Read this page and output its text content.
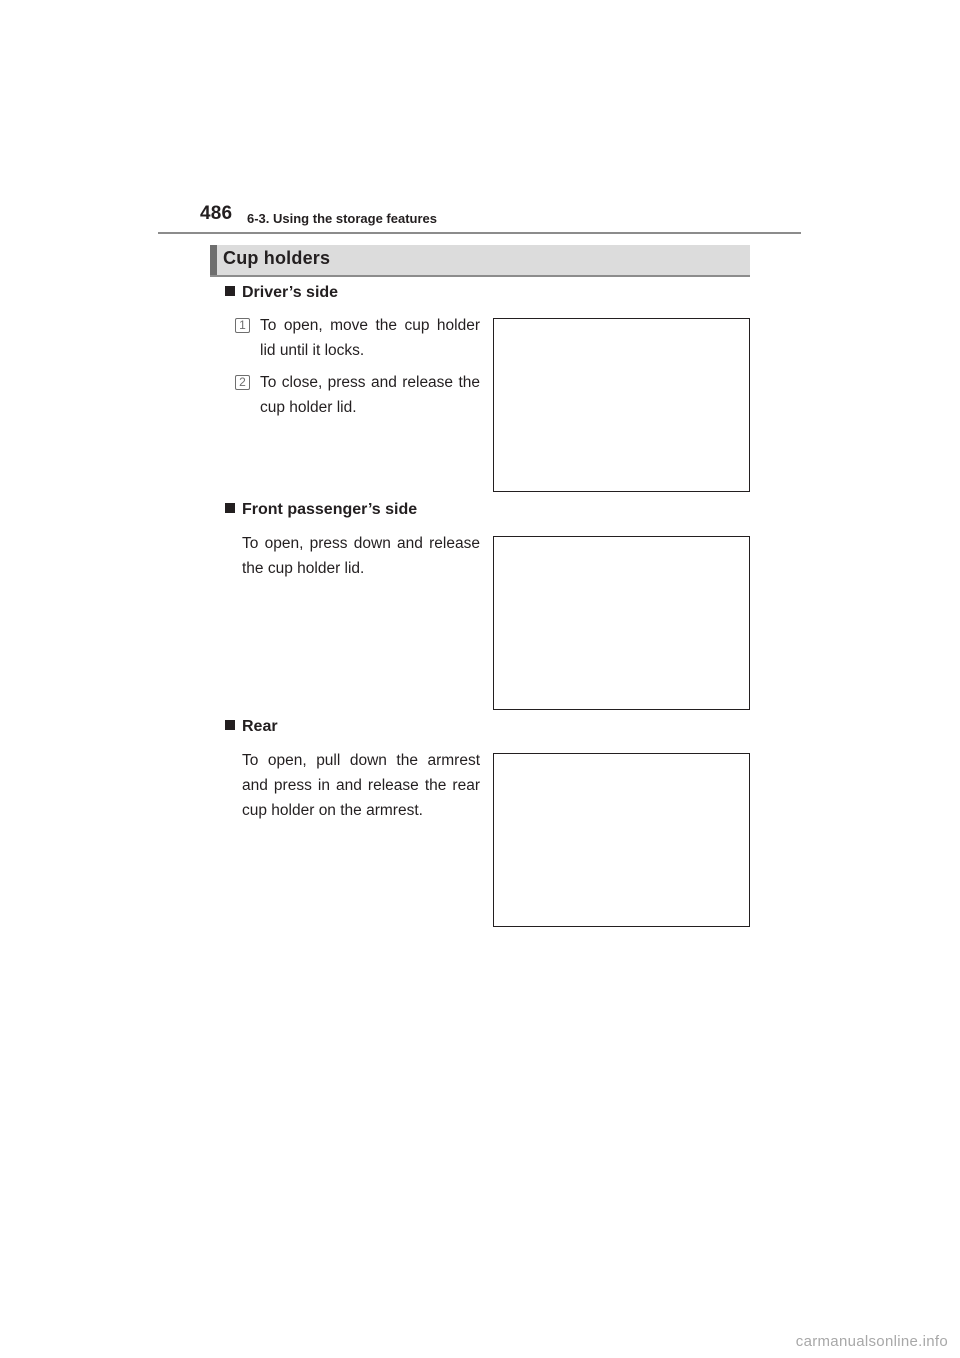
486 6-3. Using the storage features
Cup holders
Driver’s side
1 To open, move the cup holder lid until it locks.
2 To close, press and release the cup holder lid.
Front passenger’s side
To open, press down and release the cup holder lid.
Rear
To open, pull down the armrest and press in and release the rear cup holder on the armrest.
carmanualsonline.info
